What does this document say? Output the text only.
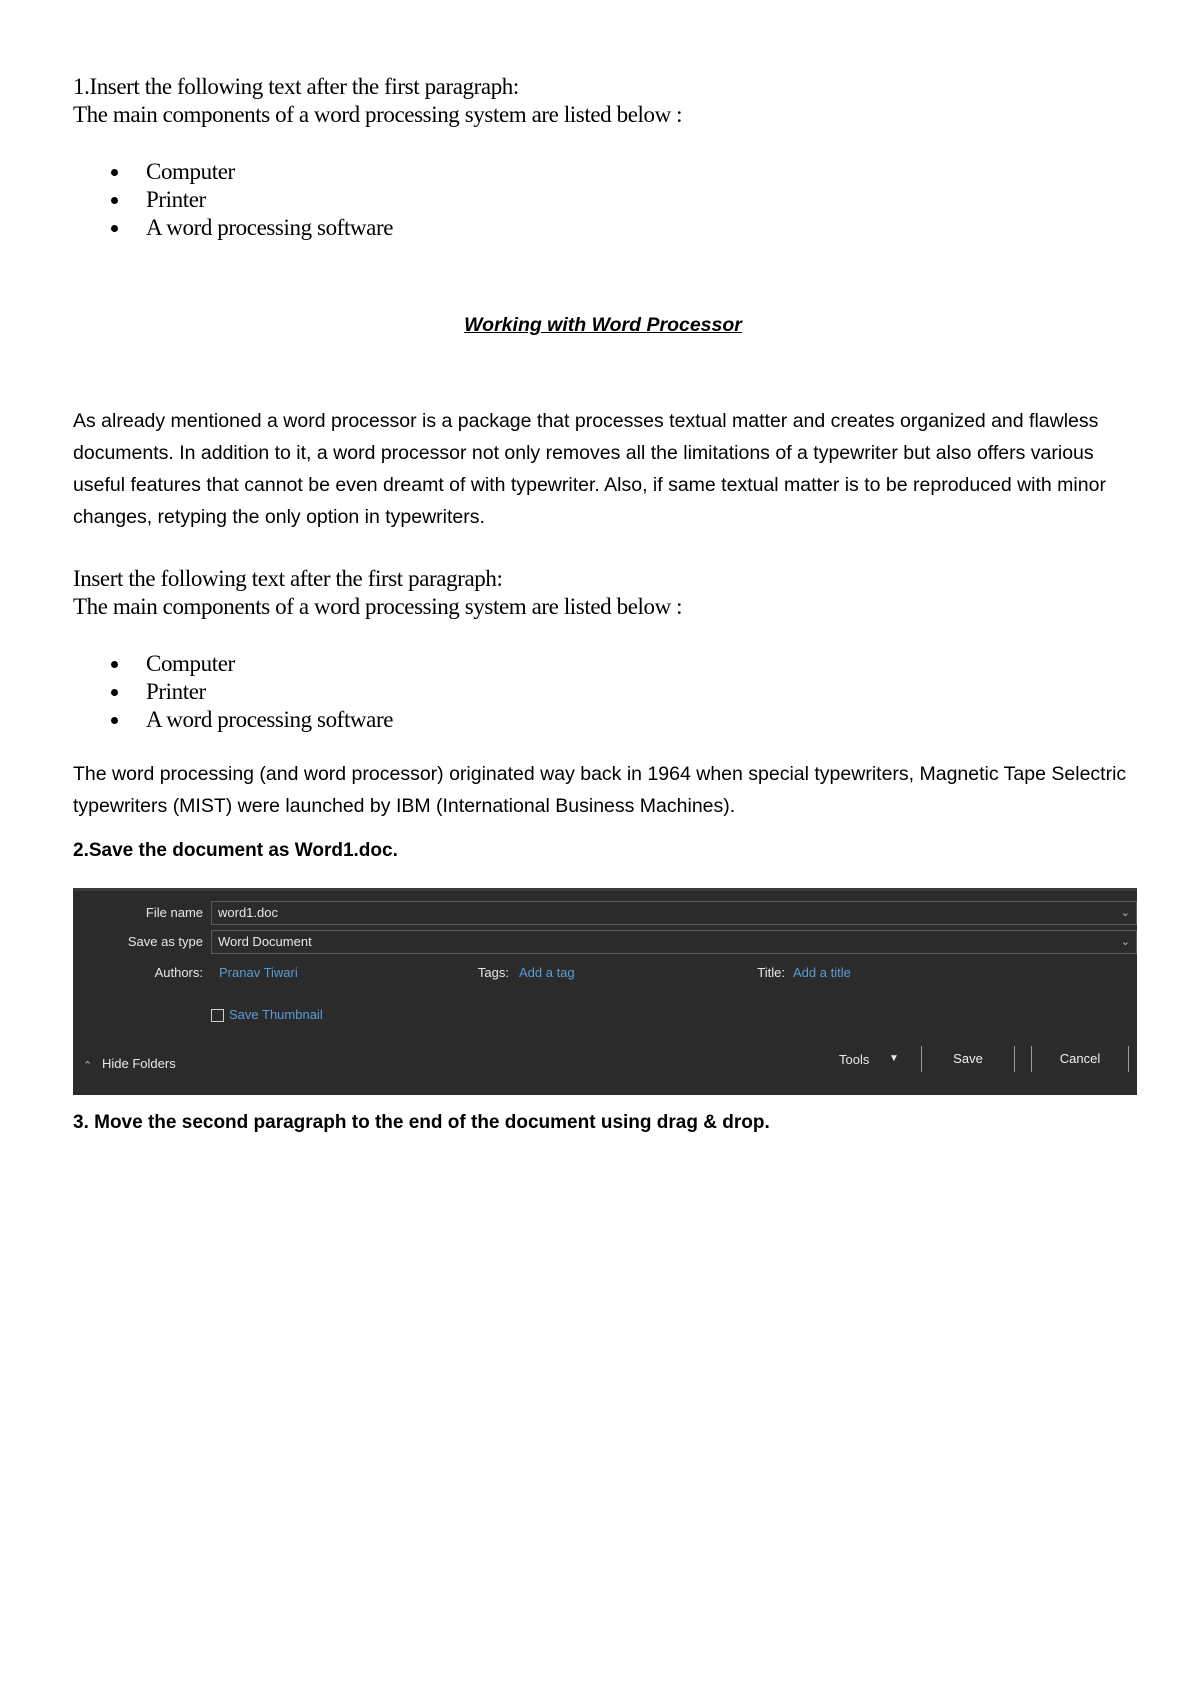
1.Insert the following text after the first paragraph:
The main components of a word processing system are listed below :
Computer
Printer
A word processing software
Working with Word Processor
As already mentioned a word processor is a package that processes textual matter and creates organized and flawless documents. In addition to it, a word processor not only removes all the limitations of a typewriter but also offers various useful features that cannot be even dreamt of with typewriter. Also, if same textual matter is to be reproduced with minor changes, retyping the only option in typewriters.
Insert the following text after the first paragraph:
The main components of a word processing system are listed below :
Computer
Printer
A word processing software
The word processing (and word processor) originated way back in 1964 when special typewriters, Magnetic Tape Selectric typewriters (MIST) were launched by IBM (International Business Machines).
2.Save the document as Word1.doc.
3. Move the second paragraph to the end of the document using drag & drop.
File name	word1.doc	⌄
Save as type	Word Document	⌄
Authors: Pranav Tiwari	Tags: Add a tag	Title: Add a title
Save Thumbnail
⌃ Hide Folders	Tools ▼	Save	Cancel
